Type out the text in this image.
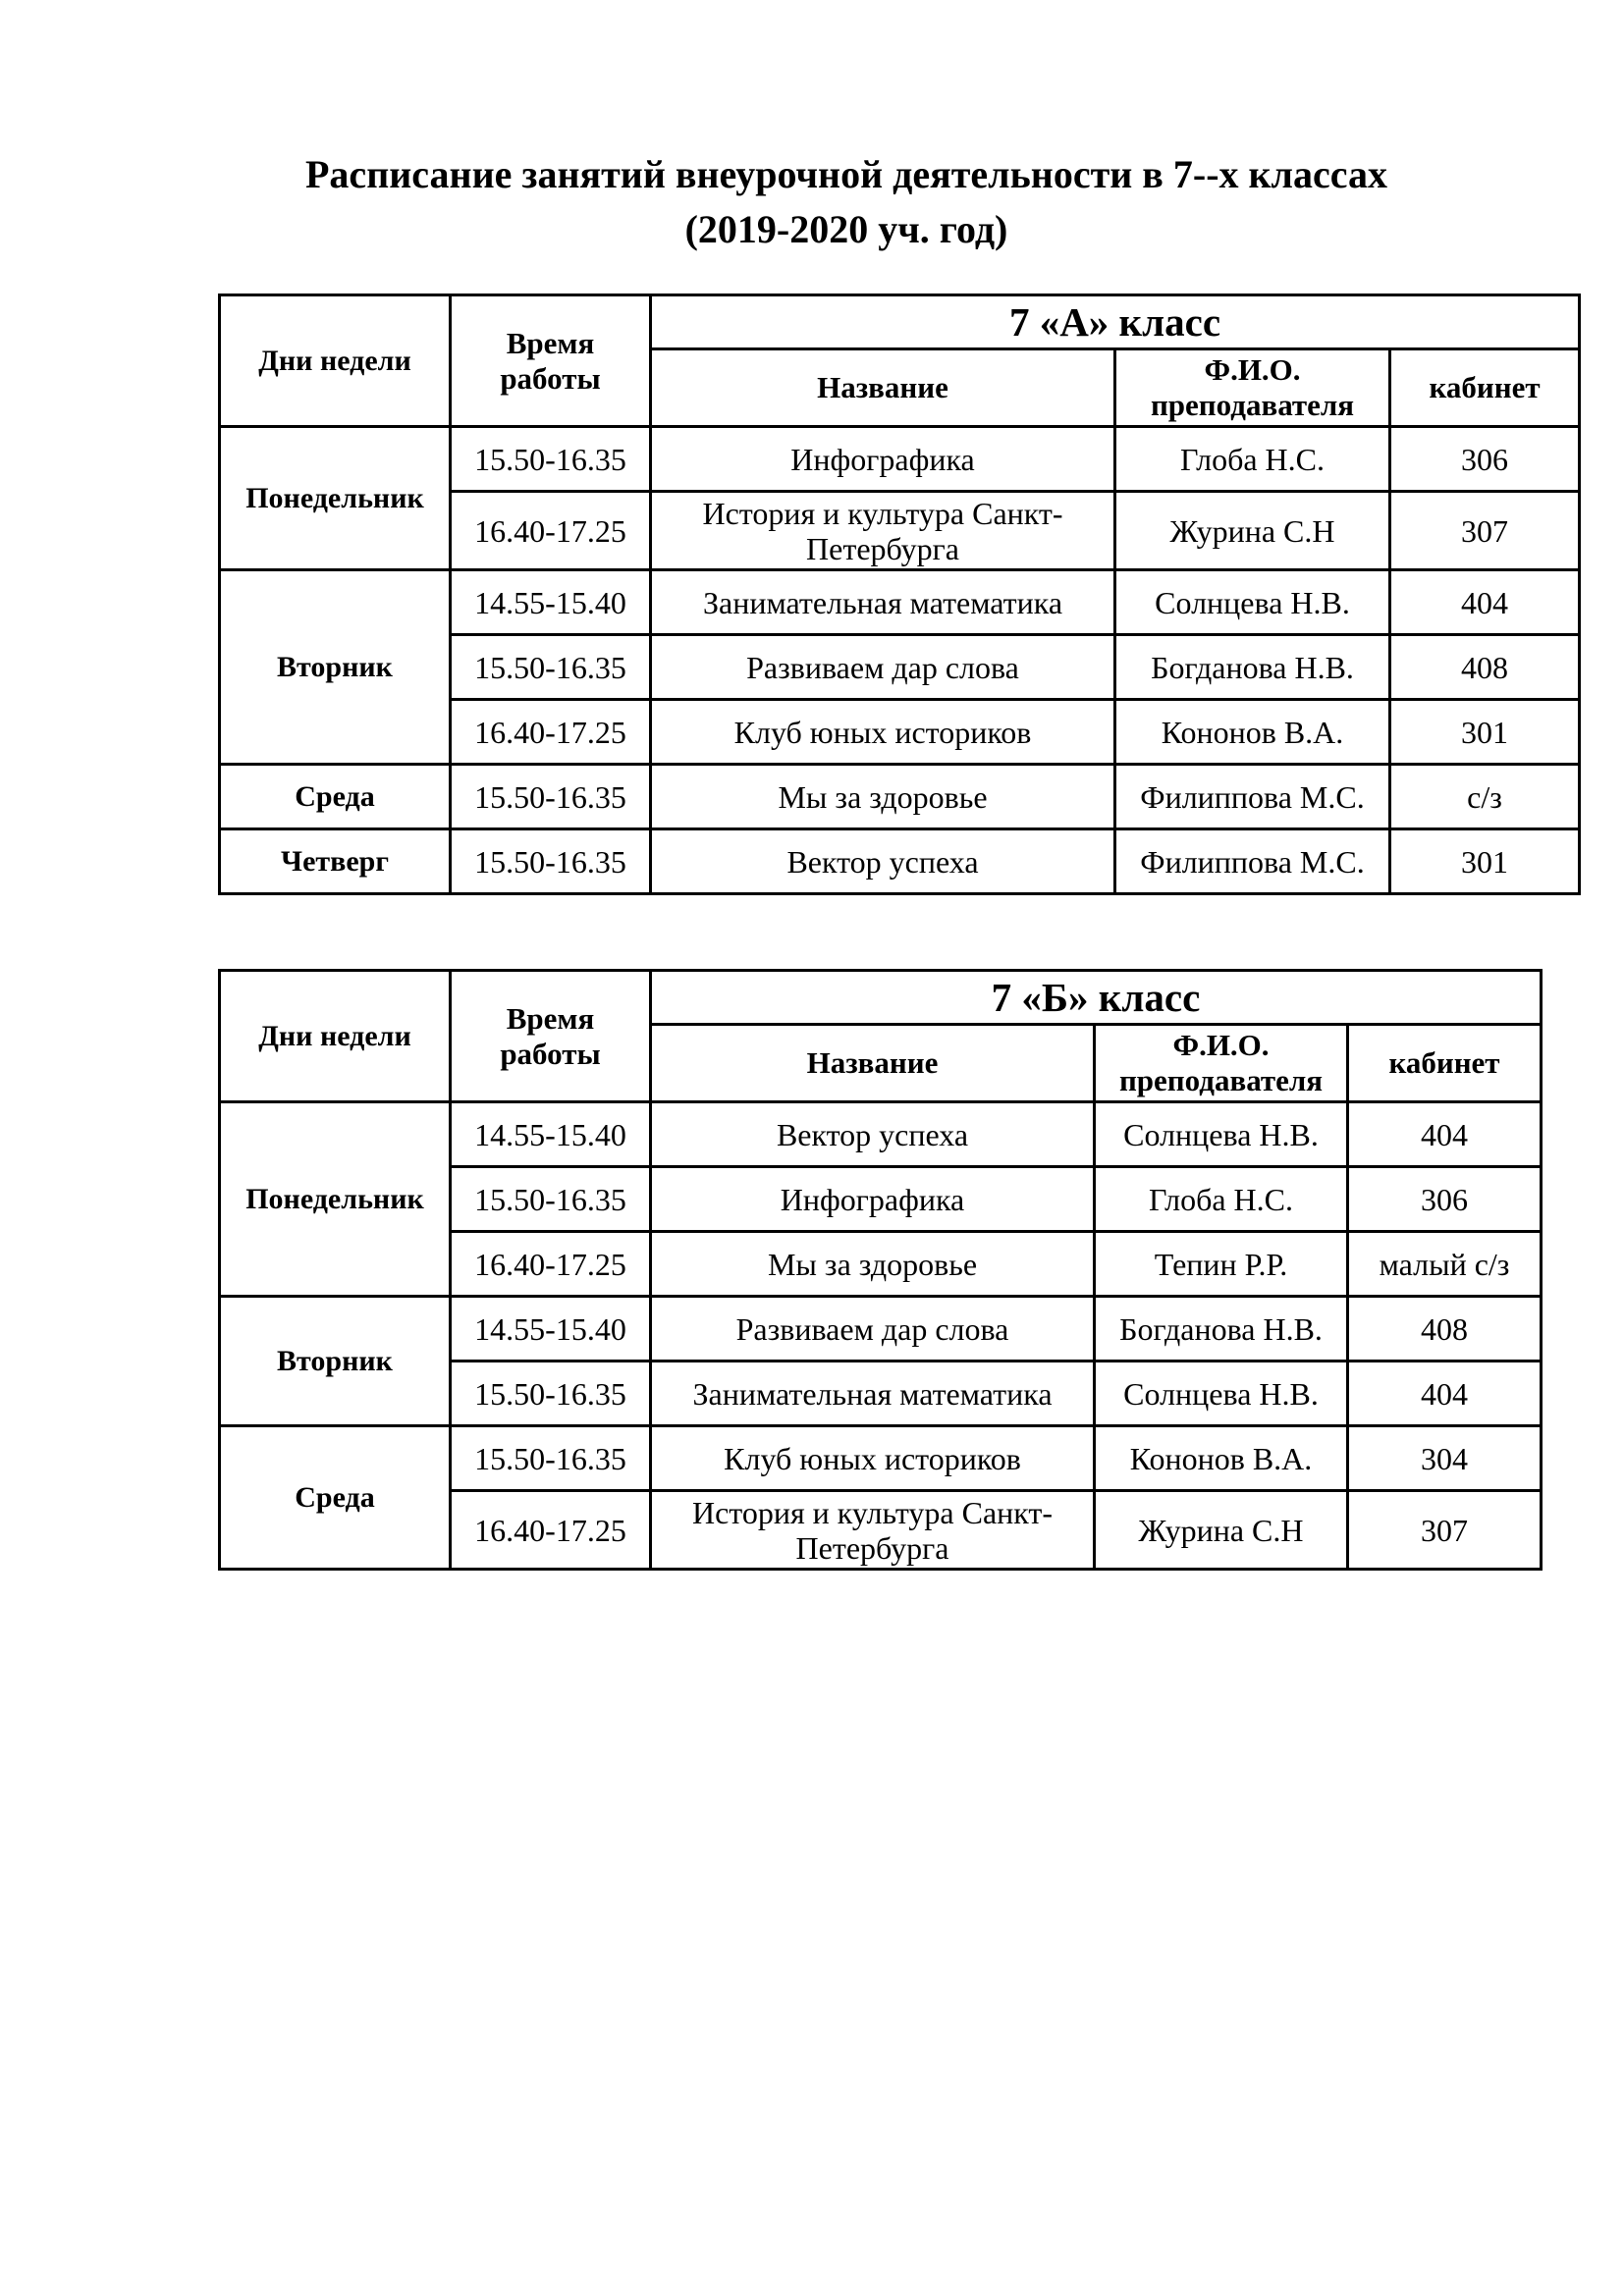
Расписание занятий внеурочной деятельности в 7--х классах
(2019-2020 уч. год)
Дни недели	Время работы	7 «А» класс		
		Название	Ф.И.О. преподавателя	кабинет
Понедельник	15.50-16.35	Инфографика	Глоба Н.С.	306
	16.40-17.25	История и культура Санкт-Петербурга	Журина С.Н	307
Вторник	14.55-15.40	Занимательная математика	Солнцева Н.В.	404
	15.50-16.35	Развиваем дар слова	Богданова Н.В.	408
	16.40-17.25	Клуб юных историков	Кононов В.А.	301
Среда	15.50-16.35	Мы за здоровье	Филиппова М.С.	с/з
Четверг	15.50-16.35	Вектор успеха	Филиппова М.С.	301
Дни недели	Время работы	7 «Б» класс		
		Название	Ф.И.О. преподавателя	кабинет
Понедельник	14.55-15.40	Вектор успеха	Солнцева Н.В.	404
	15.50-16.35	Инфографика	Глоба Н.С.	306
	16.40-17.25	Мы за здоровье	Тепин Р.Р.	малый с/з
Вторник	14.55-15.40	Развиваем дар слова	Богданова Н.В.	408
	15.50-16.35	Занимательная математика	Солнцева Н.В.	404
Среда	15.50-16.35	Клуб юных историков	Кононов В.А.	304
	16.40-17.25	История и культура Санкт-Петербурга	Журина С.Н	307
